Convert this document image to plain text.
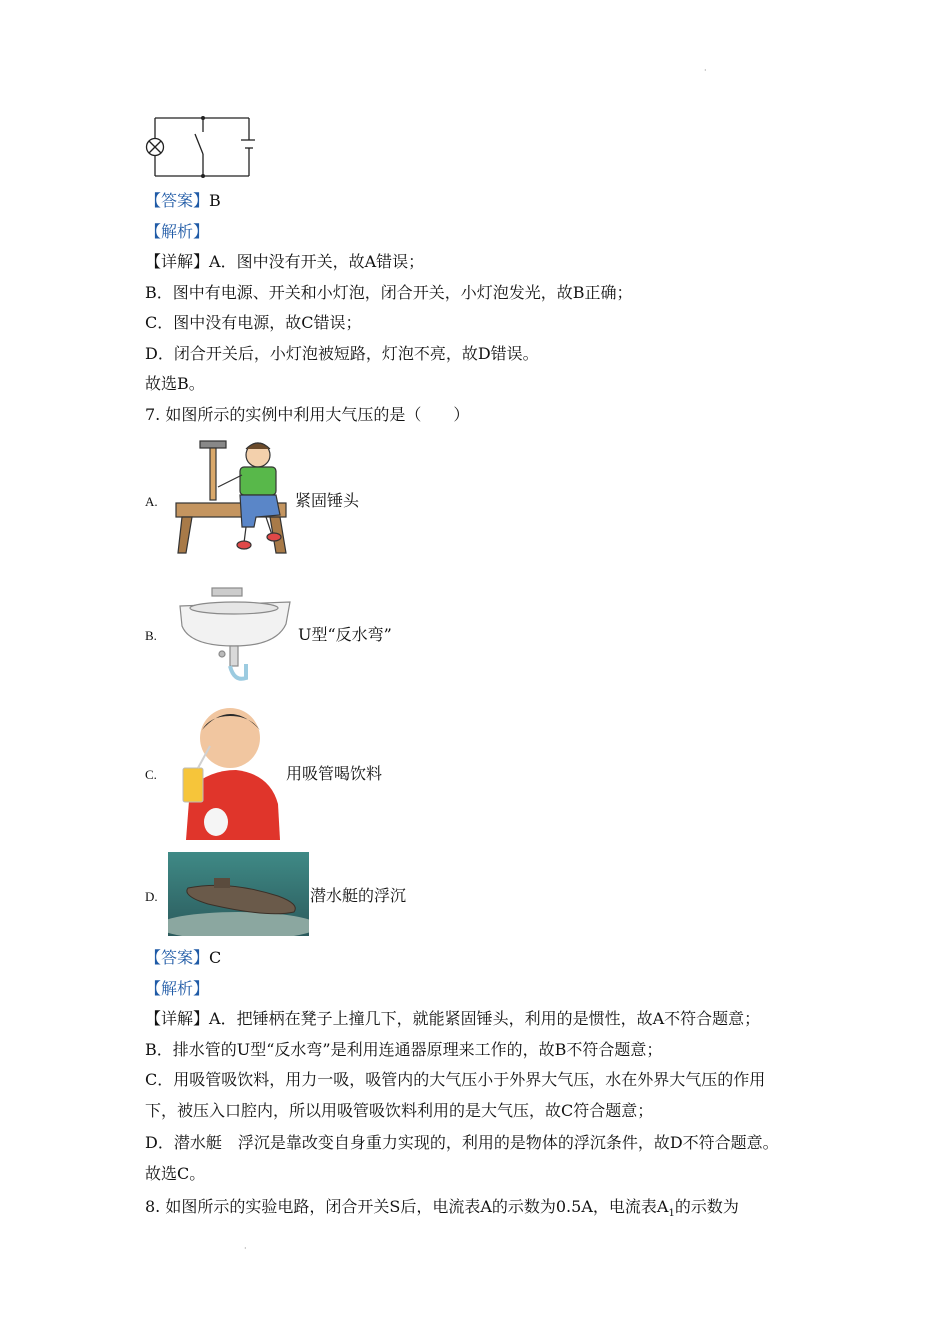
·
·
【答案】B
【解析】
【详解】A．图中没有开关，故A错误；
B．图中有电源、开关和小灯泡，闭合开关，小灯泡发光，故B正确；
C．图中没有电源，故C错误；
D．闭合开关后，小灯泡被短路，灯泡不亮，故D错误。
故选B。
7. 如图所示的实例中利用大气压的是（　　）
A.	紧固锤头
B.	U型“反水弯”
C.	用吸管喝饮料
D.	潜水艇的浮沉
【答案】C
【解析】
【详解】A．把锤柄在凳子上撞几下，就能紧固锤头，利用的是惯性，故A不符合题意；
B．排水管的U型“反水弯”是利用连通器原理来工作的，故B不符合题意；
C．用吸管吸饮料，用力一吸，吸管内的大气压小于外界大气压，水在外界大气压的作用
下，被压入口腔内，所以用吸管吸饮料利用的是大气压，故C符合题意；
D．潜水艇　浮沉是靠改变自身重力实现的，利用的是物体的浮沉条件，故D不符合题意。
故选C。
8. 如图所示的实验电路，闭合开关S后，电流表A的示数为0.5A，电流表$A_1$的示数为
